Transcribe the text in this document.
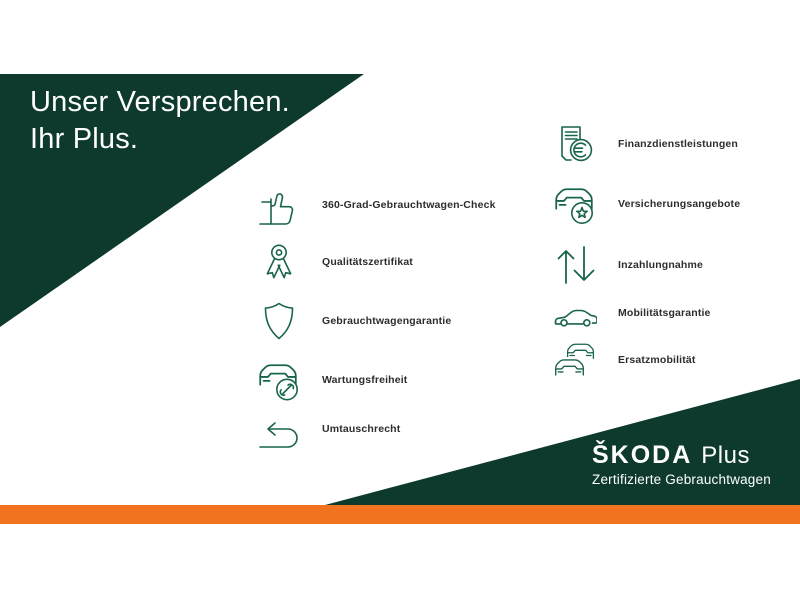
Unser Versprechen.
Ihr Plus.
360-Grad-Gebrauchtwagen-Check
Qualitätszertifikat
Gebrauchtwagengarantie
Wartungsfreiheit
Umtauschrecht
Finanzdienstleistungen
Versicherungsangebote
Inzahlungnahme
Mobilitätsgarantie
Ersatzmobilität
ŠKODA Plus
Zertifizierte Gebrauchtwagen
